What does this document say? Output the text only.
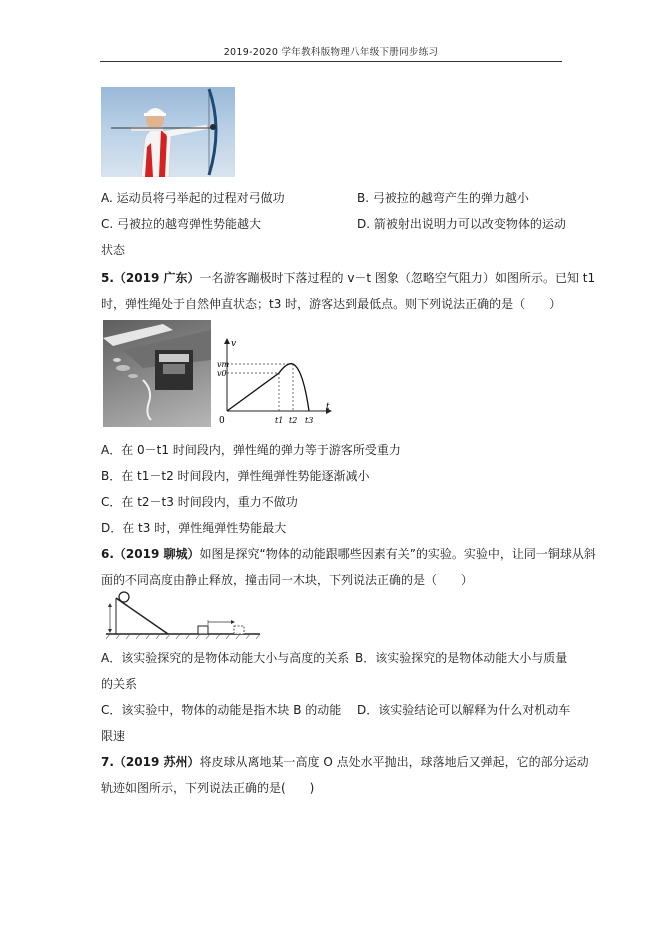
2019-2020 学年教科版物理八年级下册同步练习
A. 运动员将弓举起的过程对弓做功	B. 弓被拉的越弯产生的弹力越小
C. 弓被拉的越弯弹性势能越大	D. 箭被射出说明力可以改变物体的运动
状态
5.（2019 广东）一名游客蹦极时下落过程的 v－t 图象（忽略空气阻力）如图所示。已知 t1
时，弹性绳处于自然伸直状态；t3 时，游客达到最低点。则下列说法正确的是（　　）
v
t
0
vm
v0
t1 t2 t3
A．在 0－t1 时间段内，弹性绳的弹力等于游客所受重力
B．在 t1－t2 时间段内，弹性绳弹性势能逐渐减小
C．在 t2－t3 时间段内，重力不做功
D．在 t3 时，弹性绳弹性势能最大
6.（2019 聊城）如图是探究“物体的动能跟哪些因素有关”的实验。实验中，让同一铜球从斜
面的不同高度由静止释放，撞击同一木块，下列说法正确的是（　　）
A．该实验探究的是物体动能大小与高度的关系 B．该实验探究的是物体动能大小与质量
的关系
C．该实验中，物体的动能是指木块 B 的动能 D．该实验结论可以解释为什么对机动车
限速
7.（2019 苏州）将皮球从离地某一高度 O 点处水平抛出，球落地后又弹起，它的部分运动
轨迹如图所示，下列说法正确的是(　　)
